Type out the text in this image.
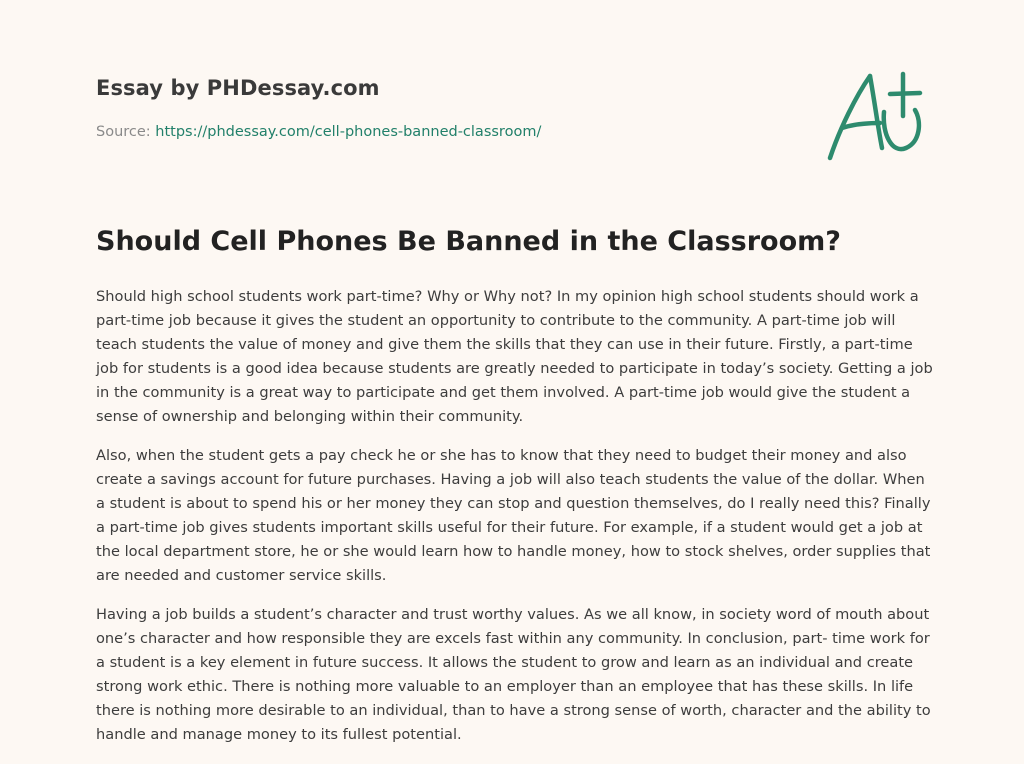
Essay by PHDessay.com
Source: https://phdessay.com/cell-phones-banned-classroom/
Should Cell Phones Be Banned in the Classroom?

Should high school students work part-time? Why or Why not? In my opinion high school students should work a part-time job because it gives the student an opportunity to contribute to the community. A part-time job will teach students the value of money and give them the skills that they can use in their future. Firstly, a part-time job for students is a good idea because students are greatly needed to participate in today’s society. Getting a job in the community is a great way to participate and get them involved. A part-time job would give the student a sense of ownership and belonging within their community.

Also, when the student gets a pay check he or she has to know that they need to budget their money and also create a savings account for future purchases. Having a job will also teach students the value of the dollar. When a student is about to spend his or her money they can stop and question themselves, do I really need this? Finally a part-time job gives students important skills useful for their future. For example, if a student would get a job at the local department store, he or she would learn how to handle money, how to stock shelves, order supplies that are needed and customer service skills.

Having a job builds a student’s character and trust worthy values. As we all know, in society word of mouth about one’s character and how responsible they are excels fast within any community. In conclusion, part- time work for a student is a key element in future success. It allows the student to grow and learn as an individual and create strong work ethic. There is nothing more valuable to an employer than an employee that has these skills. In life there is nothing more desirable to an individual, than to have a strong sense of worth, character and the ability to handle and manage money to its fullest potential.
